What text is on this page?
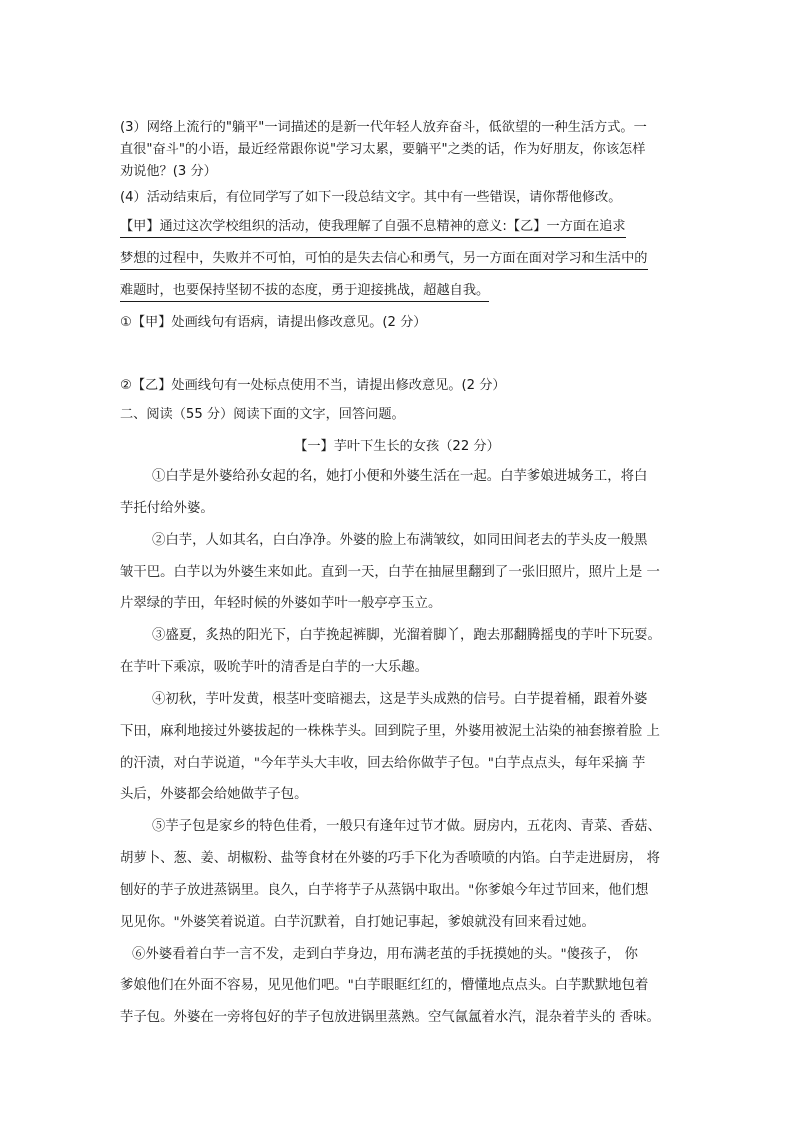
(3）网络上流行的"躺平"一词描述的是新一代年轻人放弃奋斗，低欲望的一种生活方式。一

直很"奋斗"的小语，最近经常跟你说"学习太累，要躺平"之类的话，作为好朋友，你该怎样

劝说他？(3 分）

(4）活动结束后，有位同学写了如下一段总结文字。其中有一些错误，请你帮他修改。

【甲】通过这次学校组织的活动，使我理解了自强不息精神的意义:【乙】一方面在追求

梦想的过程中，失败并不可怕，可怕的是失去信心和勇气，另一方面在面对学习和生活中的

难题时，也要保持坚韧不拔的态度，勇于迎接挑战，超越自我。

①【甲】处画线句有语病，请提出修改意见。(2 分）

②【乙】处画线句有一处标点使用不当，请提出修改意见。(2 分）

二、阅读（55 分）阅读下面的文字，回答问题。

【一】芋叶下生长的女孩（22 分）

①白芋是外婆给孙女起的名，她打小便和外婆生活在一起。白芋爹娘进城务工，将白

芋托付给外婆。

②白芋，人如其名，白白净净。外婆的脸上布满皱纹，如同田间老去的芋头皮一般黑

皱干巴。白芋以为外婆生来如此。直到一天，白芋在抽屉里翻到了一张旧照片，照片上是 一

片翠绿的芋田，年轻时候的外婆如芋叶一般亭亭玉立。

③盛夏，炙热的阳光下，白芋挽起裤脚，光溜着脚丫，跑去那翻腾摇曳的芋叶下玩耍。

在芋叶下乘凉，吸吮芋叶的清香是白芋的一大乐趣。

④初秋，芋叶发黄，根茎叶变暗褪去，这是芋头成熟的信号。白芋提着桶，跟着外婆

下田，麻利地接过外婆拔起的一株株芋头。回到院子里，外婆用被泥土沾染的袖套擦着脸 上

的汗渍，对白芋说道，"今年芋头大丰收，回去给你做芋子包。"白芋点点头，每年采摘 芋

头后，外婆都会给她做芋子包。

⑤芋子包是家乡的特色佳肴，一般只有逢年过节才做。厨房内，五花肉、青菜、香菇、

胡萝卜、葱、姜、胡椒粉、盐等食材在外婆的巧手下化为香喷喷的内馅。白芋走进厨房， 将

刨好的芋子放进蒸锅里。良久，白芋将芋子从蒸锅中取出。"你爹娘今年过节回来，他们想

见见你。"外婆笑着说道。白芋沉默着，自打她记事起，爹娘就没有回来看过她。

⑥外婆看着白芋一言不发，走到白芋身边，用布满老茧的手抚摸她的头。"傻孩子， 你

爹娘他们在外面不容易，见见他们吧。"白芋眼眶红红的，懵懂地点点头。白芋默默地包着

芋子包。外婆在一旁将包好的芋子包放进锅里蒸熟。空气氤氲着水汽，混杂着芋头的 香味。
